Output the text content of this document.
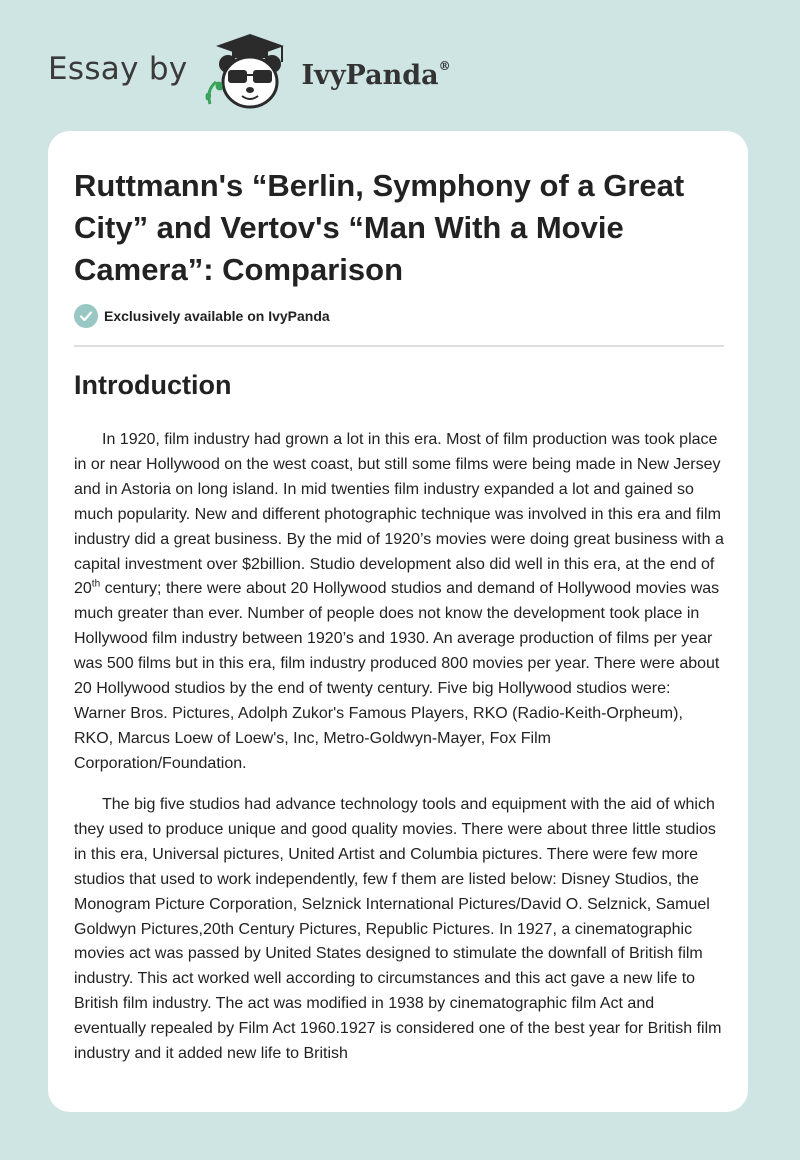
Essay by	IvyPanda®
Ruttmann's “Berlin, Symphony of a Great City” and Vertov's “Man With a Movie Camera”: Comparison
Exclusively available on IvyPanda
Introduction

In 1920, film industry had grown a lot in this era. Most of film production was took place in or near Hollywood on the west coast, but still some films were being made in New Jersey and in Astoria on long island. In mid twenties film industry expanded a lot and gained so much popularity. New and different photographic technique was involved in this era and film industry did a great business. By the mid of 1920’s movies were doing great business with a capital investment over $2billion. Studio development also did well in this era, at the end of 20th century; there were about 20 Hollywood studios and demand of Hollywood movies was much greater than ever. Number of people does not know the development took place in Hollywood film industry between 1920’s and 1930. An average production of films per year was 500 films but in this era, film industry produced 800 movies per year. There were about 20 Hollywood studios by the end of twenty century. Five big Hollywood studios were: Warner Bros. Pictures, Adolph Zukor's Famous Players, RKO (Radio-Keith-Orpheum), RKO, Marcus Loew of Loew's, Inc, Metro-Goldwyn-Mayer, Fox Film Corporation/Foundation.

The big five studios had advance technology tools and equipment with the aid of which they used to produce unique and good quality movies. There were about three little studios in this era, Universal pictures, United Artist and Columbia pictures. There were few more studios that used to work independently, few f them are listed below: Disney Studios, the Monogram Picture Corporation, Selznick International Pictures/David O. Selznick, Samuel Goldwyn Pictures,20th Century Pictures, Republic Pictures. In 1927, a cinematographic movies act was passed by United States designed to stimulate the downfall of British film industry. This act worked well according to circumstances and this act gave a new life to British film industry. The act was modified in 1938 by cinematographic film Act and eventually repealed by Film Act 1960.1927 is considered one of the best year for British film industry and it added new life to British
